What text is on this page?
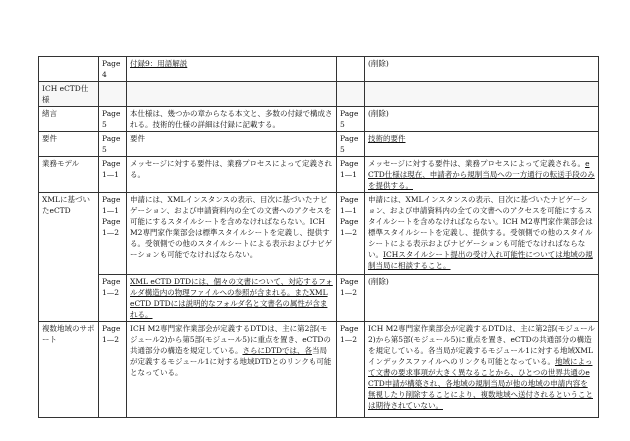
	Page 4	付録9：用語解説		(削除)
ICH eCTD仕様				
緒言	Page 5	本仕様は、幾つかの章からなる本文と、多数の付録で構成される。技術的仕様の詳細は付録に記載する。	Page 5	(削除)
要件	Page 5	要件	Page 5	技術的要件
業務モデル	Page 1—1	メッセージに対する要件は、業務プロセスによって定義される。	Page 1—1	メッセージに対する要件は、業務プロセスによって定義される。eCTD仕様は現在、申請者から規制当局への一方通行の転送手段のみを提供する。
XMLに基づいたeCTD	Page 1—1 Page 1—2	申請には、XMLインスタンスの表示、目次に基づいたナビゲーション、および申請資料内の全ての文書へのアクセスを可能にするスタイルシートを含めなければならない。ICH M2専門家作業部会は標準スタイルシートを定義し、提供する。受領側での他のスタイルシートによる表示およびナビゲーションも可能でなければならない。	Page 1—1 Page 1—2	申請には、XMLインスタンスの表示、目次に基づいたナビゲーション、および申請資料内の全ての文書へのアクセスを可能にするスタイルシートを含めなければならない。ICH M2専門家作業部会は標準スタイルシートを定義し、提供する。受領側での他のスタイルシートによる表示およびナビゲーションも可能でなければならない。ICHスタイルシート提出の受け入れ可能性については地域の規制当局に相談すること。
	Page 1—2	XML eCTD DTDには、個々の文書について、対応するフォルダ構造内の物理ファイルへの参照が含まれる。またXML eCTD DTDには説明的なフォルダ名と文書名の属性が含まれる。	Page 1—2	(削除)
複数地域のサポート	Page 1—2	ICH M2専門家作業部会が定義するDTDは、主に第2部(モジュール2)から第5部(モジュール5)に重点を置き、eCTDの共通部分の構造を規定している。さらにDTDでは、各当局が定義するモジュール1に対する地域DTDとのリンクも可能となっている。	Page 1—2	ICH M2専門家作業部会が定義するDTDは、主に第2部(モジュール2)から第5部(モジュール5)に重点を置き、eCTDの共通部分の構造を規定している。各当局が定義するモジュール1に対する地域XMLインデックスファイルへのリンクも可能となっている。地域によって文書の要求事項が大きく異なることから、ひとつの世界共通のeCTD申請が構築され、各地域の規制当局が他の地域の申請内容を無視したり削除することにより、複数地域へ送付されるということは期待されていない。
